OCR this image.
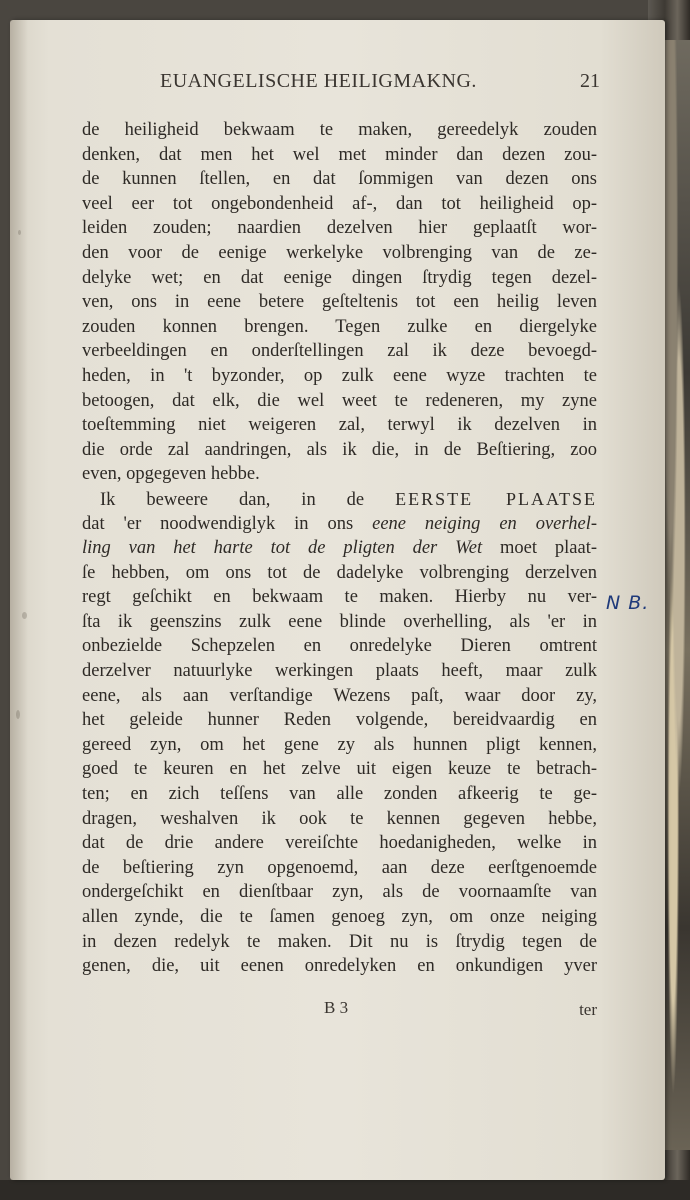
EUANGELISCHE HEILIGMAKNG.	21
de heiligheid bekwaam te maken, gereedelyk zouden
denken, dat men het wel met minder dan dezen zou-
de kunnen ſtellen, en dat ſommigen van dezen ons
veel eer tot ongebondenheid af-, dan tot heiligheid op-
leiden zouden; naardien dezelven hier geplaatſt wor-
den voor de eenige werkelyke volbrenging van de ze-
delyke wet; en dat eenige dingen ſtrydig tegen dezel-
ven, ons in eene betere geſteltenis tot een heilig leven
zouden konnen brengen. Tegen zulke en diergelyke
verbeeldingen en onderſtellingen zal ik deze bevoegd-
heden, in 't byzonder, op zulk eene wyze trachten te
betoogen, dat elk, die wel weet te redeneren, my zyne
toeſtemming niet weigeren zal, terwyl ik dezelven in
die orde zal aandringen, als ik die, in de Beſtiering, zoo
even, opgegeven hebbe.
Ik beweere dan, in de EERSTE PLAATSE
dat 'er noodwendiglyk in ons eene neiging en overhel-
ling van het harte tot de pligten der Wet moet plaat-
ſe hebben, om ons tot de dadelyke volbrenging derzelven
regt geſchikt en bekwaam te maken. Hierby nu ver-
ſta ik geenszins zulk eene blinde overhelling, als 'er in
onbezielde Schepzelen en onredelyke Dieren omtrent
derzelver natuurlyke werkingen plaats heeft, maar zulk
eene, als aan verſtandige Wezens paſt, waar door zy,
het geleide hunner Reden volgende, bereidvaardig en
gereed zyn, om het gene zy als hunnen pligt kennen,
goed te keuren en het zelve uit eigen keuze te betrach-
ten; en zich teſſens van alle zonden afkeerig te ge-
dragen, weshalven ik ook te kennen gegeven hebbe,
dat de drie andere vereiſchte hoedanigheden, welke in
de beſtiering zyn opgenoemd, aan deze eerſtgenoemde
ondergeſchikt en dienſtbaar zyn, als de voornaamſte van
allen zynde, die te ſamen genoeg zyn, om onze neiging
in dezen redelyk te maken. Dit nu is ſtrydig tegen de
genen, die, uit eenen onredelyken en onkundigen yver
N B.
B 3	ter
